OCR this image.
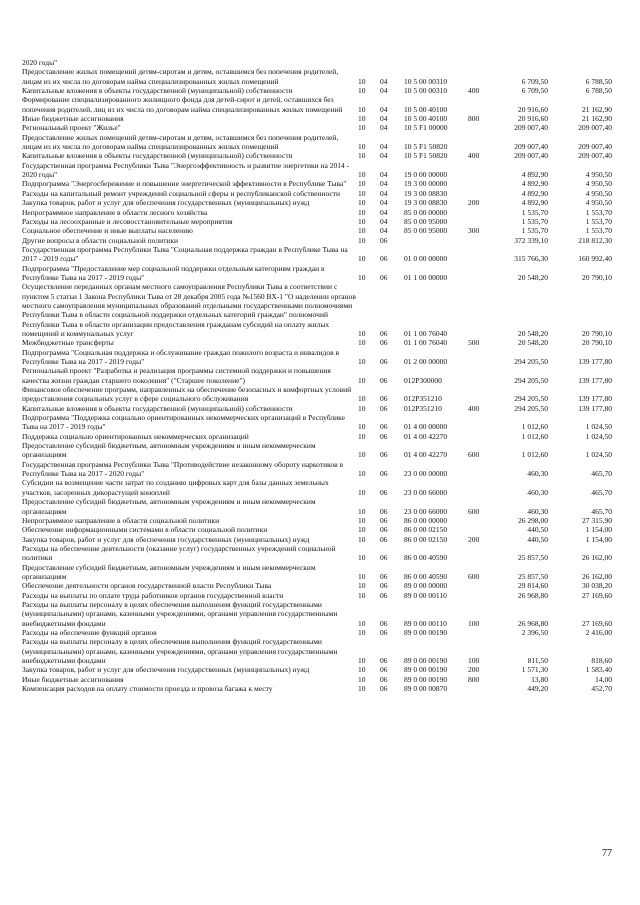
2020 годы"						
Предоставление жилых помещений детям-сиротам и детям, оставшимся без попечения родителей, лицам из их числа по договорам найма специализированных жилых помещений	10	04	10 5 00 00310		6 709,50	6 788,50
Капитальные вложения в объекты государственной (муниципальной) собственности	10	04	10 5 00 00310	400	6 709,50	6 788,50
Формирование специализированного жилищного фонда для детей-сирот и детей, оставшихся без попечения родителей, лиц из их числа по договорам найма специализированных жилых помещений	10	04	10 5 00 40100		20 916,60	21 162,90
Иные бюджетные ассигнования	10	04	10 5 00 40100	800	20 916,60	21 162,90
Региональный проект "Жилье"	10	04	10 5 F1 00000		209 007,40	209 007,40
Предоставление жилых помещений детям-сиротам и детям, оставшимся без попечения родителей, лицам из их числа по договорам найма специализированных жилых помещений	10	04	10 5 F1 50820		209 007,40	209 007,40
Капитальные вложения в объекты государственной (муниципальной) собственности	10	04	10 5 F1 50820	400	209 007,40	209 007,40
Государственная программа Республики Тыва "Энергоэффективность и развитие энергетики на 2014 - 2020 годы"	10	04	19 0 00 00000		4 892,90	4 950,50
Подпрограмма "Энергосбережение и повышение энергетической эффективности в Республике Тыва"	10	04	19 3 00 00000		4 892,90	4 950,50
Расходы на капитальный ремонт учреждений социальной сферы и республиканской собственности	10	04	19 3 00 08830		4 892,90	4 950,50
Закупка товаров, работ и услуг для обеспечения государственных (муниципальных) нужд	10	04	19 3 00 08830	200	4 892,90	4 950,50
Непрограммное направление в области лесного хозяйства	10	04	85 0 00 00000		1 535,70	1 553,70
Расходы на лесоохранные и лесовосстановительные мероприятия	10	04	85 0 00 95000		1 535,70	1 553,70
Социальное обеспечение и иные выплаты населению	10	04	85 0 00 95000	300	1 535,70	1 553,70
Другие вопросы в области социальной политики	10	06			372 339,10	218 812,30
Государственная программа Республики Тыва "Социальная поддержка граждан в Республике Тыва на 2017 - 2019 годы"	10	06	01 0 00 00000		315 766,30	160 992,40
Подпрограмма "Предоставление мер социальной поддержки отдельным категориям граждан в Республике Тыва на 2017 - 2019 годы"	10	06	01 1 00 00000		20 548,20	20 790,10
Осуществление переданных органам местного самоуправления Республики Тыва в соответствии с пунктом 5 статьи 1 Закона Республики Тыва от 28 декабря 2005 года №1560 ВХ-1 "О наделении органов местного самоуправления муниципальных образований отдельными государственными полномочиями Республики Тыва в области социальной поддержки отдельных категорий граждан" полномочий Республики Тыва в области организации предоставления гражданам субсидий на оплату жилых помещений и коммунальных услуг	10	06	01 1 00 76040		20 548,20	20 790,10
Межбюджетные трансферты	10	06	01 1 00 76040	500	20 548,20	20 790,10
Подпрограмма "Социальная поддержка и обслуживание граждан пожилого возраста и инвалидов в Республике Тыва на 2017 - 2019 годы"	10	06	01 2 00 00000		294 205,50	139 177,80
Региональный проект "Разработка и реализация программы системной поддержки и повышения качества жизни граждан старшего поколения" ("Старшее поколение")	10	06	012P300000		294 205,50	139 177,80
Финансовое обеспечение программ, направленных на обеспечение безопасных и комфортных условий предоставления социальных услуг в сфере социального обслуживания	10	06	012P351210		294 205,50	139 177,80
Капитальные вложения в объекты государственной (муниципальной) собственности	10	06	012P351210	400	294 205,50	139 177,80
Подпрограмма "Поддержка социально ориентированных некоммерческих организаций в Республике Тыва на 2017 - 2019 годы"	10	06	01 4 00 00000		1 012,60	1 024,50
Поддержка социально ориентированных некоммерческих организаций	10	06	01 4 00 42270		1 012,60	1 024,50
Предоставление субсидий бюджетным, автономным учреждениям и иным некоммерческим организациям	10	06	01 4 00 42270	600	1 012,60	1 024,50
Государственная программа Республики Тыва "Противодействие незаконному обороту наркотиков в Республике Тыва на 2017 - 2020 годы"	10	06	23 0 00 00000		460,30	465,70
Субсидии на возмещение части затрат по созданию цифровых карт для базы данных земельных участков, засоренных дикорастущей коноплей	10	06	23 0 00 66000		460,30	465,70
Предоставление субсидий бюджетным, автономным учреждениям и иным некоммерческим организациям	10	06	23 0 00 66000	600	460,30	465,70
Непрограммное направление в области социальной политики	10	06	86 0 00 00000		26 298,00	27 315,90
Обеспечение информационными системами в области социальной политики	10	06	86 0 00 02150		440,50	1 154,00
Закупка товаров, работ и услуг для обеспечения государственных (муниципальных) нужд	10	06	86 0 00 02150	200	440,50	1 154,00
Расходы на обеспечение деятельности (оказание услуг) государственных учреждений социальной политики	10	06	86 0 00 40590		25 857,50	26 162,00
Предоставление субсидий бюджетным, автономным учреждениям и иным некоммерческим организациям	10	06	86 0 00 40590	600	25 857,50	26 162,00
Обеспечение деятельности органов государственной власти Республики Тыва	10	06	89 0 00 00000		29 814,60	30 038,20
Расходы на выплаты по оплате труда работников органов государственной власти	10	06	89 0 00 00110		26 968,80	27 169,60
Расходы на выплаты персоналу в целях обеспечения выполнения функций государственными (муниципальными) органами, казенными учреждениями, органами управления государственными внебюджетными фондами	10	06	89 0 00 00110	100	26 968,80	27 169,60
Расходы на обеспечение функций органов	10	06	89 0 00 00190		2 396,50	2 416,00
Расходы на выплаты персоналу в целях обеспечения выполнения функций государственными (муниципальными) органами, казенными учреждениями, органами управления государственными внебюджетными фондами	10	06	89 0 00 00190	100	811,50	818,60
Закупка товаров, работ и услуг для обеспечения государственных (муниципальных) нужд	10	06	89 0 00 00190	200	1 571,30	1 583,40
Иные бюджетные ассигнования	10	06	89 0 00 00190	800	13,80	14,00
Компенсация расходов на оплату стоимости проезда и провоза багажа к месту	10	06	89 0 00 00870		449,20	452,70
77
